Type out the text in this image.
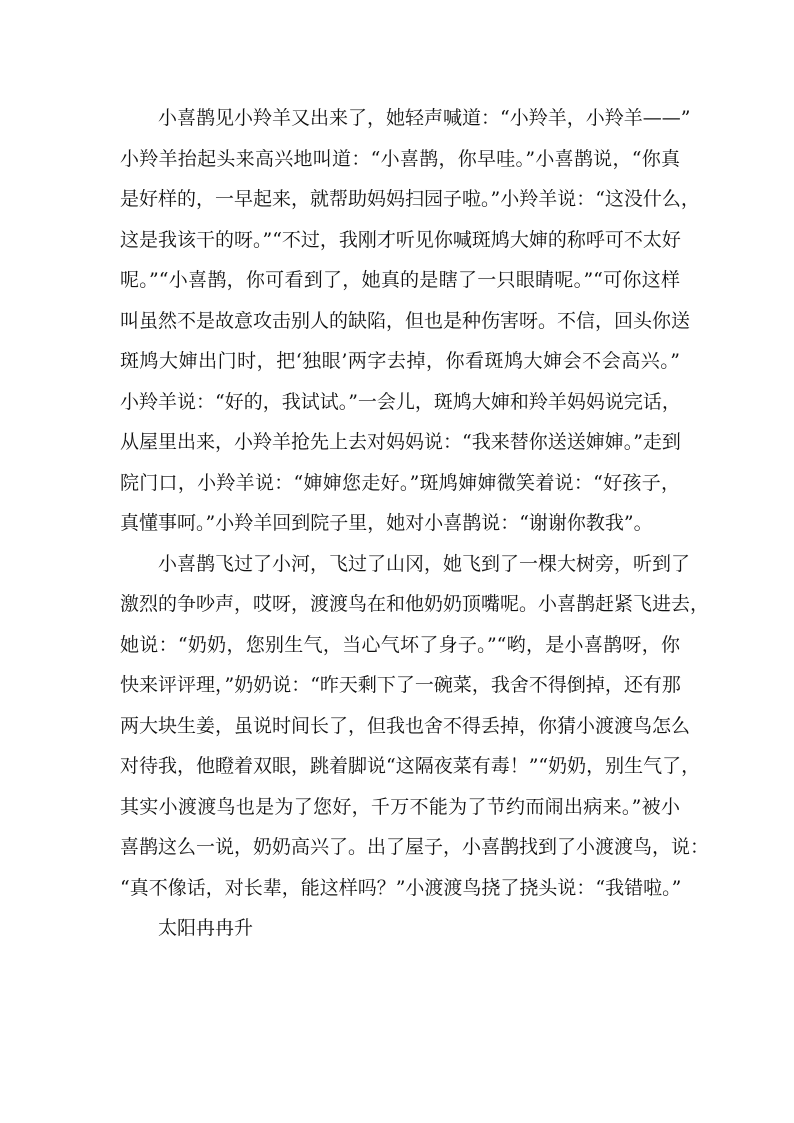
小喜鹊见小羚羊又出来了，她轻声喊道：“小羚羊，小羚羊——”
小羚羊抬起头来高兴地叫道：“小喜鹊，你早哇。”小喜鹊说，“你真
是好样的，一早起来，就帮助妈妈扫园子啦。”小羚羊说：“这没什么，
这是我该干的呀。”“不过，我刚才听见你喊斑鸠大婶的称呼可不太好
呢。”“小喜鹊，你可看到了，她真的是瞎了一只眼睛呢。”“可你这样
叫虽然不是故意攻击别人的缺陷，但也是种伤害呀。不信，回头你送
斑鸠大婶出门时，把‘独眼’两字去掉，你看斑鸠大婶会不会高兴。”
小羚羊说：“好的，我试试。”一会儿，斑鸠大婶和羚羊妈妈说完话，
从屋里出来，小羚羊抢先上去对妈妈说：“我来替你送送婶婶。”走到
院门口，小羚羊说：“婶婶您走好。”斑鸠婶婶微笑着说：“好孩子，
真懂事呵。”小羚羊回到院子里，她对小喜鹊说：“谢谢你教我”。
小喜鹊飞过了小河，飞过了山冈，她飞到了一棵大树旁，听到了
激烈的争吵声，哎呀，渡渡鸟在和他奶奶顶嘴呢。小喜鹊赶紧飞进去，
她说：“奶奶，您别生气，当心气坏了身子。”“哟，是小喜鹊呀，你
快来评评理，”奶奶说：“昨天剩下了一碗菜，我舍不得倒掉，还有那
两大块生姜，虽说时间长了，但我也舍不得丢掉，你猜小渡渡鸟怎么
对待我，他瞪着双眼，跳着脚说“这隔夜菜有毒！”“奶奶，别生气了，
其实小渡渡鸟也是为了您好，千万不能为了节约而闹出病来。”被小
喜鹊这么一说，奶奶高兴了。出了屋子，小喜鹊找到了小渡渡鸟，说：
“真不像话，对长辈，能这样吗？”小渡渡鸟挠了挠头说：“我错啦。”
太阳冉冉升
